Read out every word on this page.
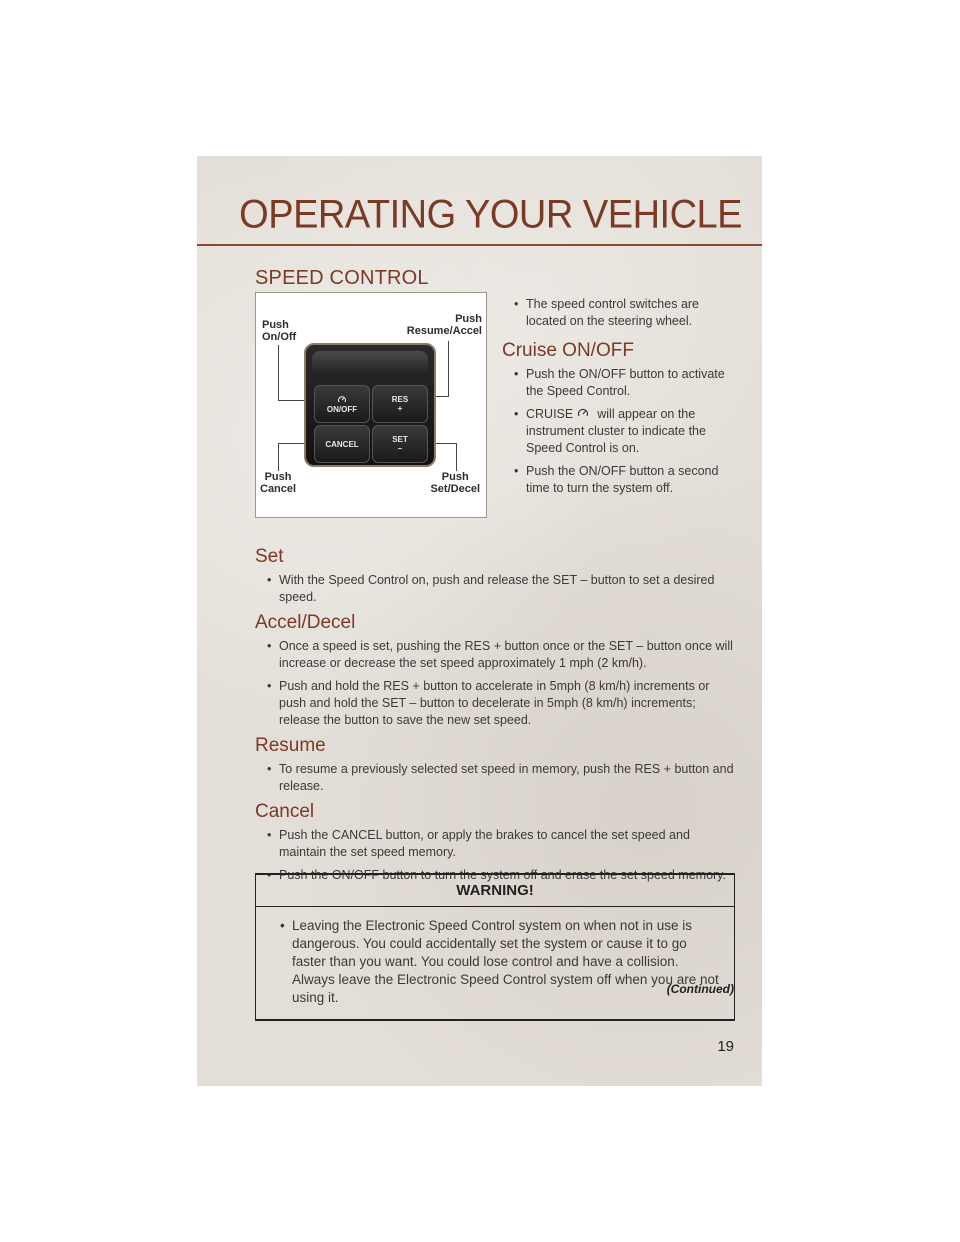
OPERATING YOUR VEHICLE
SPEED CONTROL
Push
On/Off
Push
Resume/Accel
Push
Cancel
Push
Set/Decel
ON/OFF
RES
+
CANCEL	SET
–
• The speed control switches are located on the steering wheel.
Cruise ON/OFF
• Push the ON/OFF button to activate the Speed Control.
• CRUISE will appear on the instrument cluster to indicate the Speed Control is on.
• Push the ON/OFF button a second time to turn the system off.
Set
• With the Speed Control on, push and release the SET – button to set a desired speed.
Accel/Decel
• Once a speed is set, pushing the RES + button once or the SET – button once will increase or decrease the set speed approximately 1 mph (2 km/h).
• Push and hold the RES + button to accelerate in 5mph (8 km/h) increments or push and hold the SET – button to decelerate in 5mph (8 km/h) increments; release the button to save the new set speed.
Resume
• To resume a previously selected set speed in memory, push the RES + button and release.
Cancel
• Push the CANCEL button, or apply the brakes to cancel the set speed and maintain the set speed memory.
• Push the ON/OFF button to turn the system off and erase the set speed memory.
WARNING!
• Leaving the Electronic Speed Control system on when not in use is dangerous. You could accidentally set the system or cause it to go faster than you want. You could lose control and have a collision. Always leave the Electronic Speed Control system off when you are not using it.
(Continued)
19
